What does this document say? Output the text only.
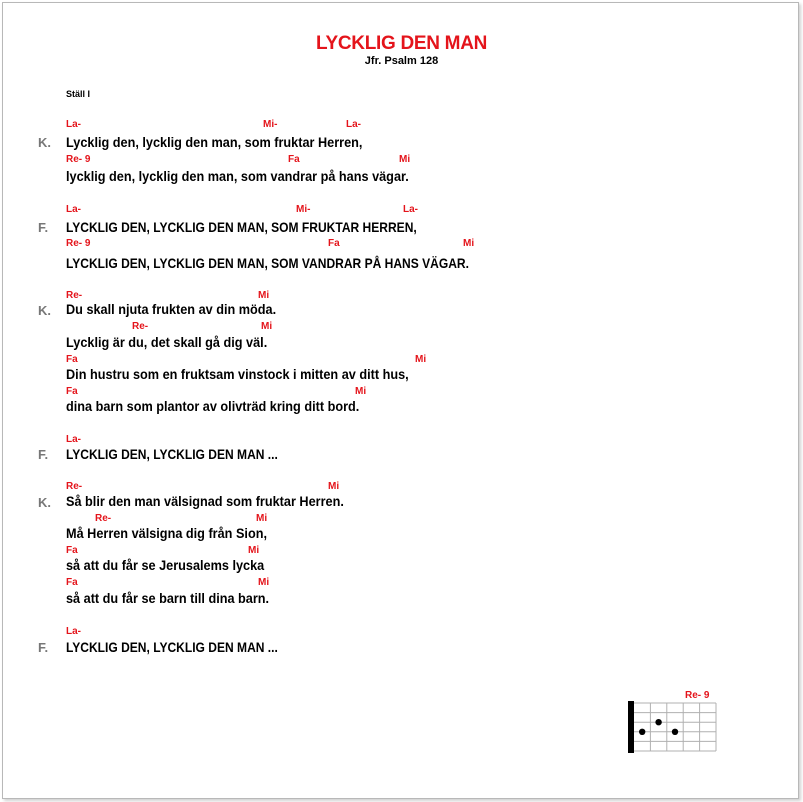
LYCKLIG DEN MAN
Jfr. Psalm 128
Ställ I
La-	Mi-	La-
K. Lycklig den, lycklig den man, som fruktar Herren,
Re- 9	Fa	Mi
lycklig den, lycklig den man, som vandrar på hans vägar.
La-	Mi-	La-
F. LYCKLIG DEN, LYCKLIG DEN MAN, SOM FRUKTAR HERREN,
Re- 9	Fa	Mi
LYCKLIG DEN, LYCKLIG DEN MAN, SOM VANDRAR PÅ HANS VÄGAR.
Re-	Mi
K. Du skall njuta frukten av din möda.
Re-	Mi
Lycklig är du, det skall gå dig väl.
Fa	Mi
Din hustru som en fruktsam vinstock i mitten av ditt hus,
Fa	Mi
dina barn som plantor av olivträd kring ditt bord.
La-
F. LYCKLIG DEN, LYCKLIG DEN MAN ...
Re-	Mi
K. Så blir den man välsignad som fruktar Herren.
Re-	Mi
Må Herren välsigna dig från Sion,
Fa	Mi
så att du får se Jerusalems lycka
Fa	Mi
så att du får se barn till dina barn.
La-
F. LYCKLIG DEN, LYCKLIG DEN MAN ...
Re- 9
